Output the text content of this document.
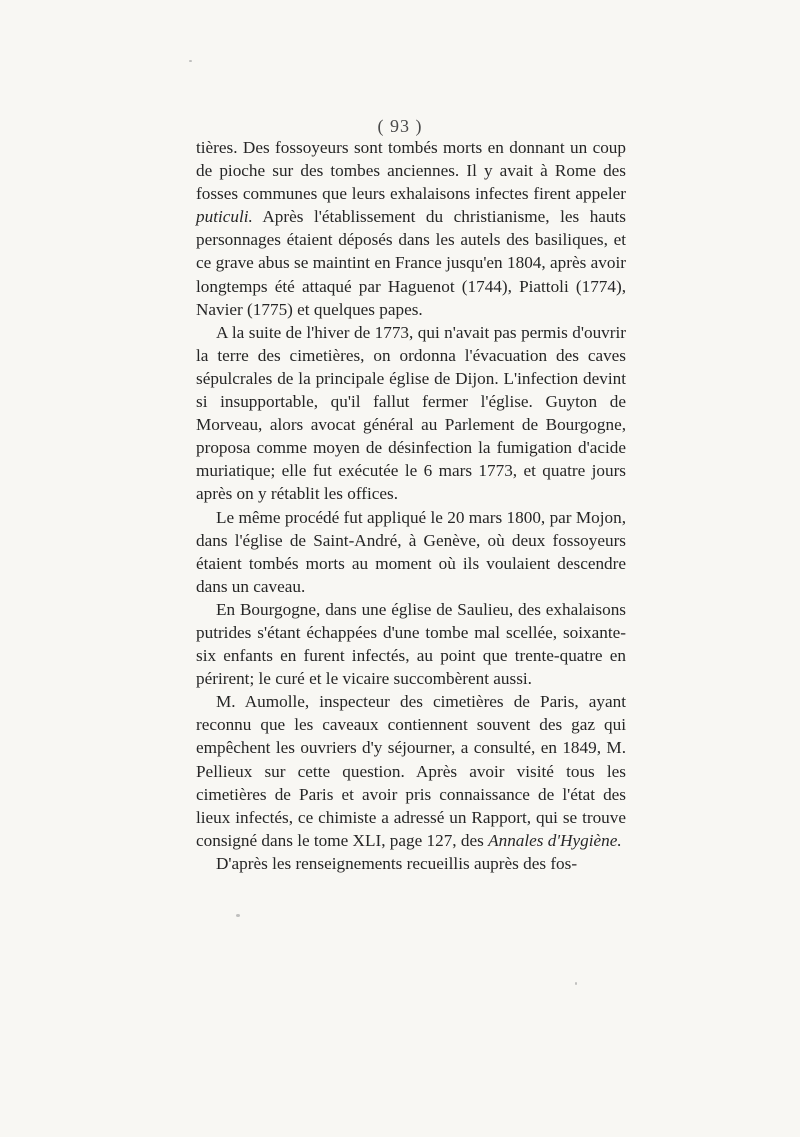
( 93 )

tières. Des fossoyeurs sont tombés morts en donnant un coup de pioche sur des tombes anciennes. Il y avait à Rome des fosses communes que leurs exhalaisons infectes firent appeler puticuli. Après l'établissement du christianisme, les hauts personnages étaient déposés dans les autels des basiliques, et ce grave abus se maintint en France jusqu'en 1804, après avoir longtemps été attaqué par Haguenot (1744), Piattoli (1774), Navier (1775) et quelques papes.

A la suite de l'hiver de 1773, qui n'avait pas permis d'ouvrir la terre des cimetières, on ordonna l'évacuation des caves sépulcrales de la principale église de Dijon. L'infection devint si insupportable, qu'il fallut fermer l'église. Guyton de Morveau, alors avocat général au Parlement de Bourgogne, proposa comme moyen de désinfection la fumigation d'acide muriatique; elle fut exécutée le 6 mars 1773, et quatre jours après on y rétablit les offices.

Le même procédé fut appliqué le 20 mars 1800, par Mojon, dans l'église de Saint-André, à Genève, où deux fossoyeurs étaient tombés morts au moment où ils voulaient descendre dans un caveau.

En Bourgogne, dans une église de Saulieu, des exhalaisons putrides s'étant échappées d'une tombe mal scellée, soixante-six enfants en furent infectés, au point que trente-quatre en périrent; le curé et le vicaire succombèrent aussi.

M. Aumolle, inspecteur des cimetières de Paris, ayant reconnu que les caveaux contiennent souvent des gaz qui empêchent les ouvriers d'y séjourner, a consulté, en 1849, M. Pellieux sur cette question. Après avoir visité tous les cimetières de Paris et avoir pris connaissance de l'état des lieux infectés, ce chimiste a adressé un Rapport, qui se trouve consigné dans le tome XLI, page 127, des Annales d'Hygiène.

D'après les renseignements recueillis auprès des fos-
